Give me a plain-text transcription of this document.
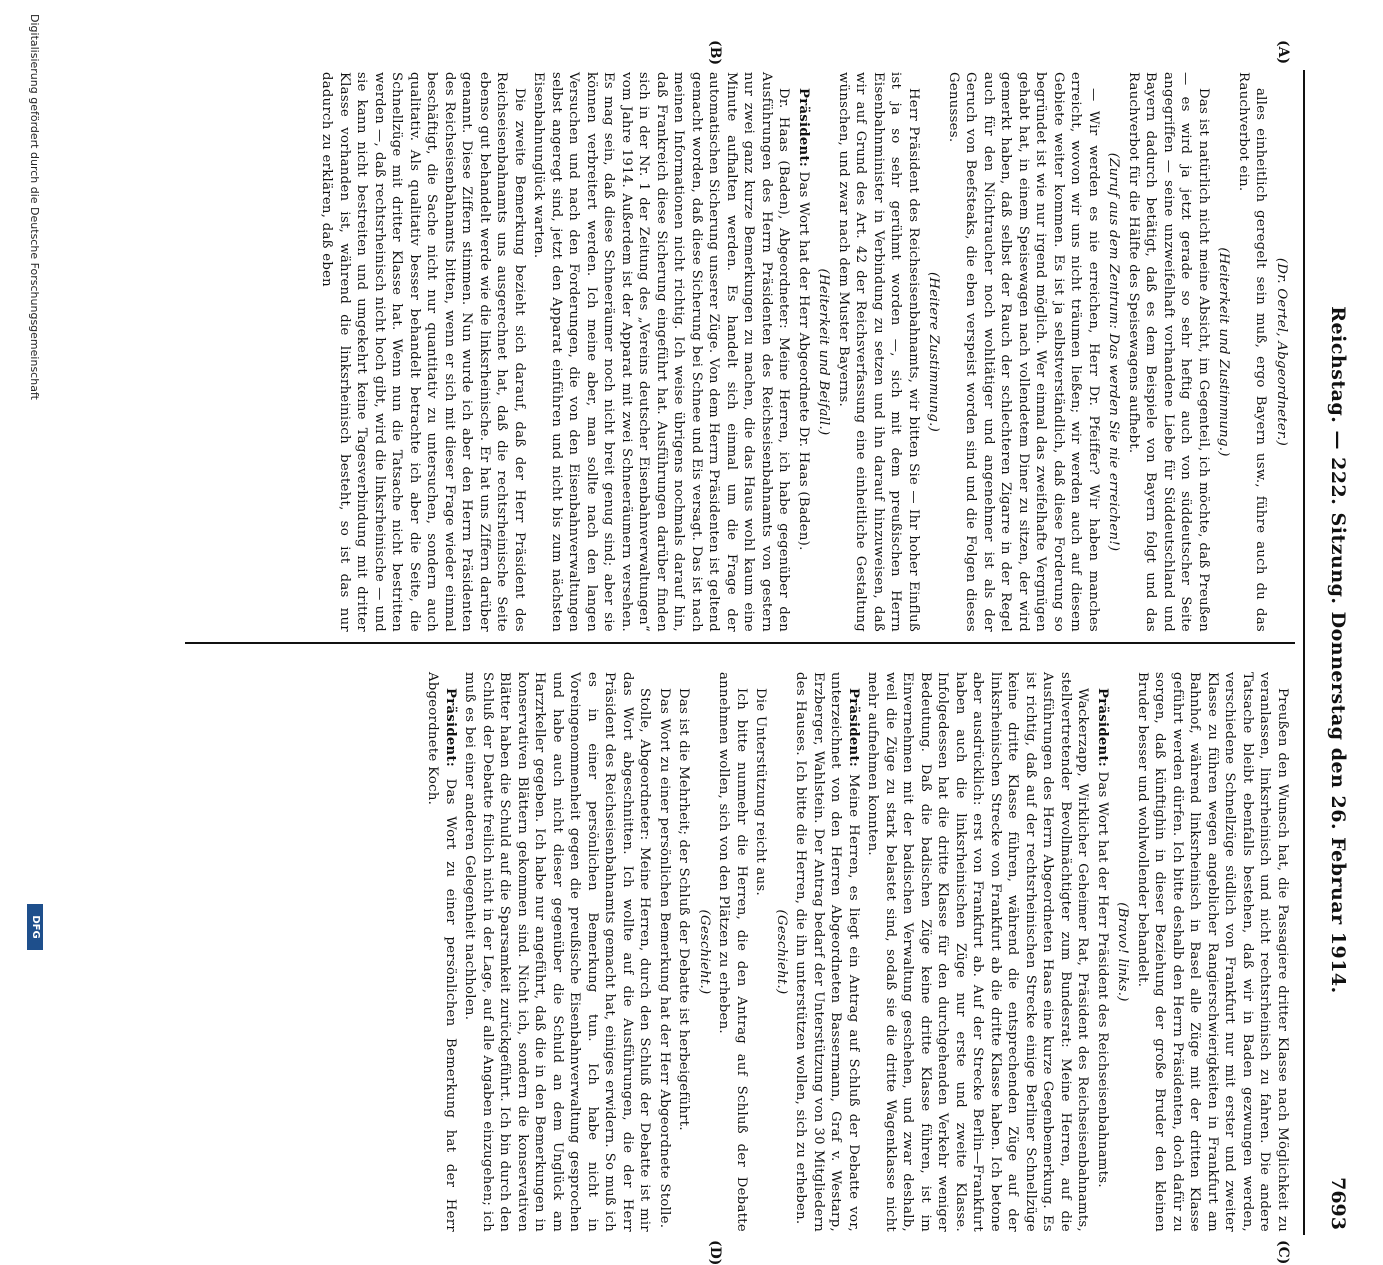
Reichstag. — 222. Sitzung. Donnerstag den 26. Februar 1914.
7693
(A)
(B)
(C)
(D)

(Dr. Oertel, Abgeordneter.)

alles einheitlich geregelt sein muß, ergo Bayern usw., führe auch du das Rauchverbot ein.

(Heiterkeit und Zustimmung.)

Das ist natürlich nicht meine Absicht, im Gegenteil, ich möchte, daß Preußen — es wird ja jetzt gerade so sehr heftig auch von süddeutscher Seite angegriffen — seine unzweifelhaft vorhandene Liebe für Süddeutschland und Bayern dadurch betätigt, daß es dem Beispiele von Bayern folgt und das Rauchverbot für die Hälfte des Speisewagens aufhebt.

(Zuruf aus dem Zentrum: Das werden Sie nie erreichen!)

— Wir werden es nie erreichen, Herr Dr. Pfeiffer? Wir haben manches erreicht, wovon wir uns nicht träumen ließen; wir werden auch auf diesem Gebiete weiter kommen. Es ist ja selbstverständlich, daß diese Forderung so begründet ist wie nur irgend möglich. Wer einmal das zweifelhafte Vergnügen gehabt hat, in einem Speisewagen nach vollendetem Diner zu sitzen, der wird gemerkt haben, daß selbst der Rauch der schlechteren Zigarre in der Regel auch für den Nichtraucher noch wohltätiger und angenehmer ist als der Geruch von Beefsteaks, die eben verspeist worden sind und die Folgen dieses Genusses.

(Heitere Zustimmung.)

Herr Präsident des Reichseisenbahnamts, wir bitten Sie — Ihr hoher Einfluß ist ja so sehr gerühmt worden —, sich mit dem preußischen Herrn Eisenbahnminister in Verbindung zu setzen und ihn darauf hinzuweisen, daß wir auf Grund des Art. 42 der Reichsverfassung eine einheitliche Gestaltung wünschen, und zwar nach dem Muster Bayerns.

(Heiterkeit und Beifall.)

Präsident: Das Wort hat der Herr Abgeordnete Dr. Haas (Baden).

Dr. Haas (Baden), Abgeordneter: Meine Herren, ich habe gegenüber den Ausführungen des Herrn Präsidenten des Reichseisenbahnamts von gestern nur zwei ganz kurze Bemerkungen zu machen, die das Haus wohl kaum eine Minute aufhalten werden. Es handelt sich einmal um die Frage der automatischen Sicherung unserer Züge. Von dem Herrn Präsidenten ist geltend gemacht worden, daß diese Sicherung bei Schnee und Eis versagt. Das ist nach meinen Informationen nicht richtig. Ich weise übrigens nochmals darauf hin, daß Frankreich diese Sicherung eingeführt hat. Ausführungen darüber finden sich in der Nr. 1 der Zeitung des „Vereins deutscher Eisenbahnverwaltungen“ vom Jahre 1914. Außerdem ist der Apparat mit zwei Schneeräumern versehen. Es mag sein, daß diese Schneeräumer noch nicht breit genug sind; aber sie können verbreitert werden. Ich meine aber, man sollte nach den langen Versuchen und nach den Forderungen, die von den Eisenbahnverwaltungen selbst angeregt sind, jetzt den Apparat einführen und nicht bis zum nächsten Eisenbahnunglück warten.

Die zweite Bemerkung bezieht sich darauf, daß der Herr Präsident des Reichseisenbahnamts uns ausgerechnet hat, daß die rechtsrheinische Seite ebenso gut behandelt werde wie die linksrheinische. Er hat uns Ziffern darüber genannt. Diese Ziffern stimmen. Nun wurde ich aber den Herrn Präsidenten des Reichseisenbahnamts bitten, wenn er sich mit dieser Frage wieder einmal beschäftigt, die Sache nicht nur quantitativ zu untersuchen, sondern auch qualitativ. Als qualitativ besser behandelt betrachte ich aber die Seite, die Schnellzüge mit dritter Klasse hat. Wenn nun die Tatsache nicht bestritten werden —, daß rechtsrheinisch nicht hoch gibt, wird die linksrheinische — und sie kann nicht bestreiten und umgekehrt keine Tagesverbindung mit dritter Klasse vorhanden ist, während die linksrheinisch besteht, so ist das nur dadurch zu erklären, daß eben

Preußen den Wunsch hat, die Passagiere dritter Klasse nach Möglichkeit zu veranlassen, linksrheinisch und nicht rechtsrheinisch zu fahren. Die andere Tatsache bleibt ebenfalls bestehen, daß wir in Baden gezwungen werden, verschiedene Schnellzüge südlich von Frankfurt nur mit erster und zweiter Klasse zu führen wegen angeblicher Rangierschwierigkeiten in Frankfurt am Bahnhof, während linksrheinisch in Basel alle Züge mit der dritten Klasse geführt werden dürfen. Ich bitte deshalb den Herrn Präsidenten, doch dafür zu sorgen, daß künftighin in dieser Beziehung der große Bruder den kleinen Bruder besser und wohlwollender behandelt.

(Bravo! links.)

Präsident: Das Wort hat der Herr Präsident des Reichseisenbahnamts.

Wackerzapp, Wirklicher Geheimer Rat, Präsident des Reichseisenbahnamts, stellvertretender Bevollmächtigter zum Bundesrat: Meine Herren, auf die Ausführungen des Herrn Abgeordneten Haas eine kurze Gegenbemerkung. Es ist richtig, daß auf der rechtsrheinischen Strecke einige Berliner Schnellzüge keine dritte Klasse führen, während die entsprechenden Züge auf der linksrheinischen Strecke von Frankfurt ab die dritte Klasse haben. Ich betone aber ausdrücklich: erst von Frankfurt ab. Auf der Strecke Berlin—Frankfurt haben auch die linksrheinischen Züge nur erste und zweite Klasse. Infolgedessen hat die dritte Klasse für den durchgehenden Verkehr weniger Bedeutung. Daß die badischen Züge keine dritte Klasse führen, ist im Einvernehmen mit der badischen Verwaltung geschehen, und zwar deshalb, weil die Züge zu stark belastet sind, sodaß sie die dritte Wagenklasse nicht mehr aufnehmen konnten.

Präsident: Meine Herren, es liegt ein Antrag auf Schluß der Debatte vor, unterzeichnet von den Herren Abgeordneten Bassermann, Graf v. Westarp, Erzberger, Wahlstein. Der Antrag bedarf der Unterstützung von 30 Mitgliedern des Hauses. Ich bitte die Herren, die ihn unterstützen wollen, sich zu erheben.

(Geschieht.)

Die Unterstützung reicht aus.

Ich bitte nunmehr die Herren, die den Antrag auf Schluß der Debatte annehmen wollen, sich von den Plätzen zu erheben.

(Geschieht.)

Das ist die Mehrheit; der Schluß der Debatte ist herbeigeführt.

Das Wort zu einer persönlichen Bemerkung hat der Herr Abgeordnete Stolle.

Stolle, Abgeordneter: Meine Herren, durch den Schluß der Debatte ist mir das Wort abgeschnitten. Ich wollte auf die Ausführungen, die der Herr Präsident des Reichseisenbahnamts gemacht hat, einiges erwidern. So muß ich es in einer persönlichen Bemerkung tun. Ich habe nicht in Voreingenommenheit gegen die preußische Eisenbahnverwaltung gesprochen und habe auch nicht dieser gegenüber die Schuld an dem Unglück am Harzrkeller gegeben. Ich habe nur angeführt, daß die in den Bemerkungen in konservativen Blättern gekommen sind. Nicht ich, sondern die konservativen Blätter haben die Schuld auf die Sparsamkeit zurückgeführt. Ich bin durch den Schluß der Debatte freilich nicht in der Lage, auf alle Angaben einzugehen; ich muß es bei einer anderen Gelegenheit nachholen.

Präsident: Das Wort zu einer persönlichen Bemerkung hat der Herr Abgeordnete Koch.

Digitalisierung gefördert durch die Deutsche Forschungsgemeinschaft
DFG
